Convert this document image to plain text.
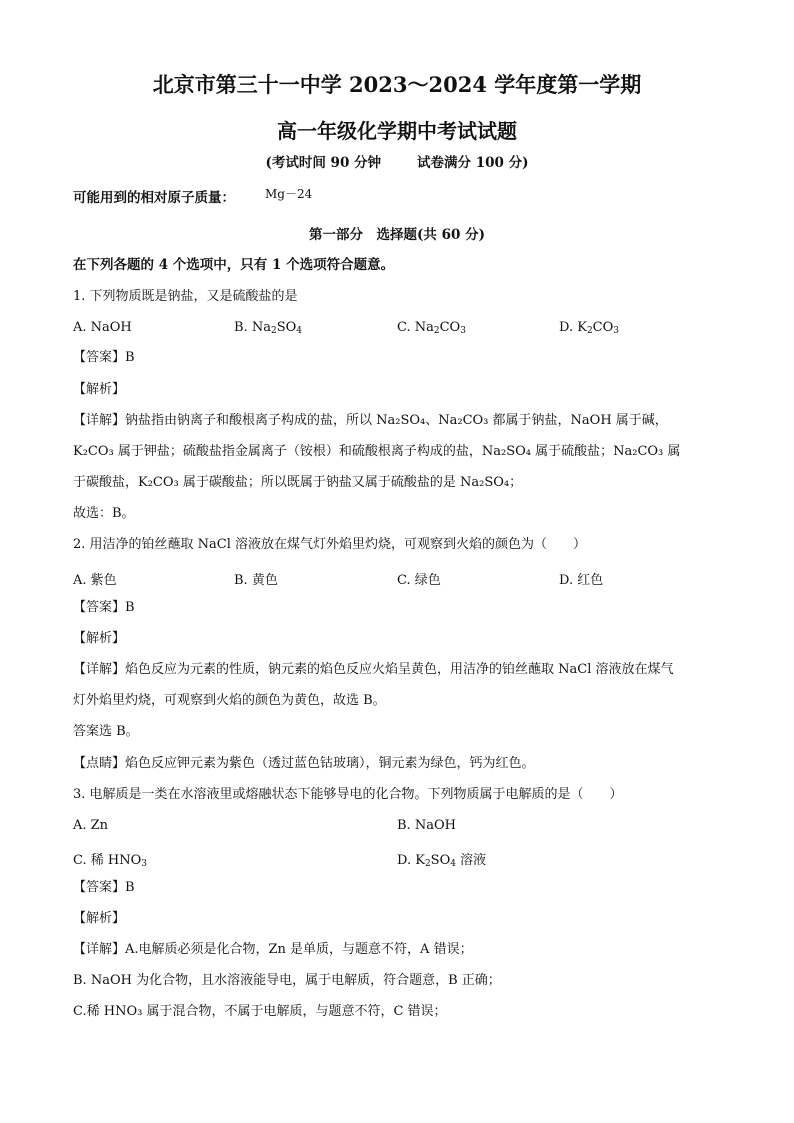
北京市第三十一中学 2023～2024 学年度第一学期
高一年级化学期中考试试题
(考试时间 90 分钟	试卷满分 100 分)
可能用到的相对原子质量：	Mg－24
第一部分　选择题(共 60 分)
在下列各题的 4 个选项中，只有 1 个选项符合题意。
1. 下列物质既是钠盐，又是硫酸盐的是
A. NaOH	B. $Na_2SO_4$	C. $Na_2CO_3$	D. $K_2CO_3$
【答案】B
【解析】
【详解】钠盐指由钠离子和酸根离子构成的盐，所以 Na₂SO₄、Na₂CO₃ 都属于钠盐，NaOH 属于碱，
K₂CO₃ 属于钾盐；硫酸盐指金属离子（铵根）和硫酸根离子构成的盐，Na₂SO₄ 属于硫酸盐；Na₂CO₃ 属
于碳酸盐，K₂CO₃ 属于碳酸盐；所以既属于钠盐又属于硫酸盐的是 Na₂SO₄；
故选：B。
2. 用洁净的铂丝蘸取 NaCl 溶液放在煤气灯外焰里灼烧，可观察到火焰的颜色为（　　）
A. 紫色	B. 黄色	C. 绿色	D. 红色
【答案】B
【解析】
【详解】焰色反应为元素的性质，钠元素的焰色反应火焰呈黄色，用洁净的铂丝蘸取 NaCl 溶液放在煤气
灯外焰里灼烧，可观察到火焰的颜色为黄色，故选 B。
答案选 B。
【点睛】焰色反应钾元素为紫色（透过蓝色钴玻璃），铜元素为绿色，钙为红色。
3. 电解质是一类在水溶液里或熔融状态下能够导电的化合物。下列物质属于电解质的是（　　）
A. Zn	B. NaOH
C. 稀 $HNO_3$	D. $K_2SO_4$ 溶液
【答案】B
【解析】
【详解】A.电解质必须是化合物，Zn 是单质，与题意不符，A 错误；
B. NaOH 为化合物，且水溶液能导电，属于电解质，符合题意，B 正确；
C.稀 HNO₃ 属于混合物，不属于电解质，与题意不符，C 错误；
